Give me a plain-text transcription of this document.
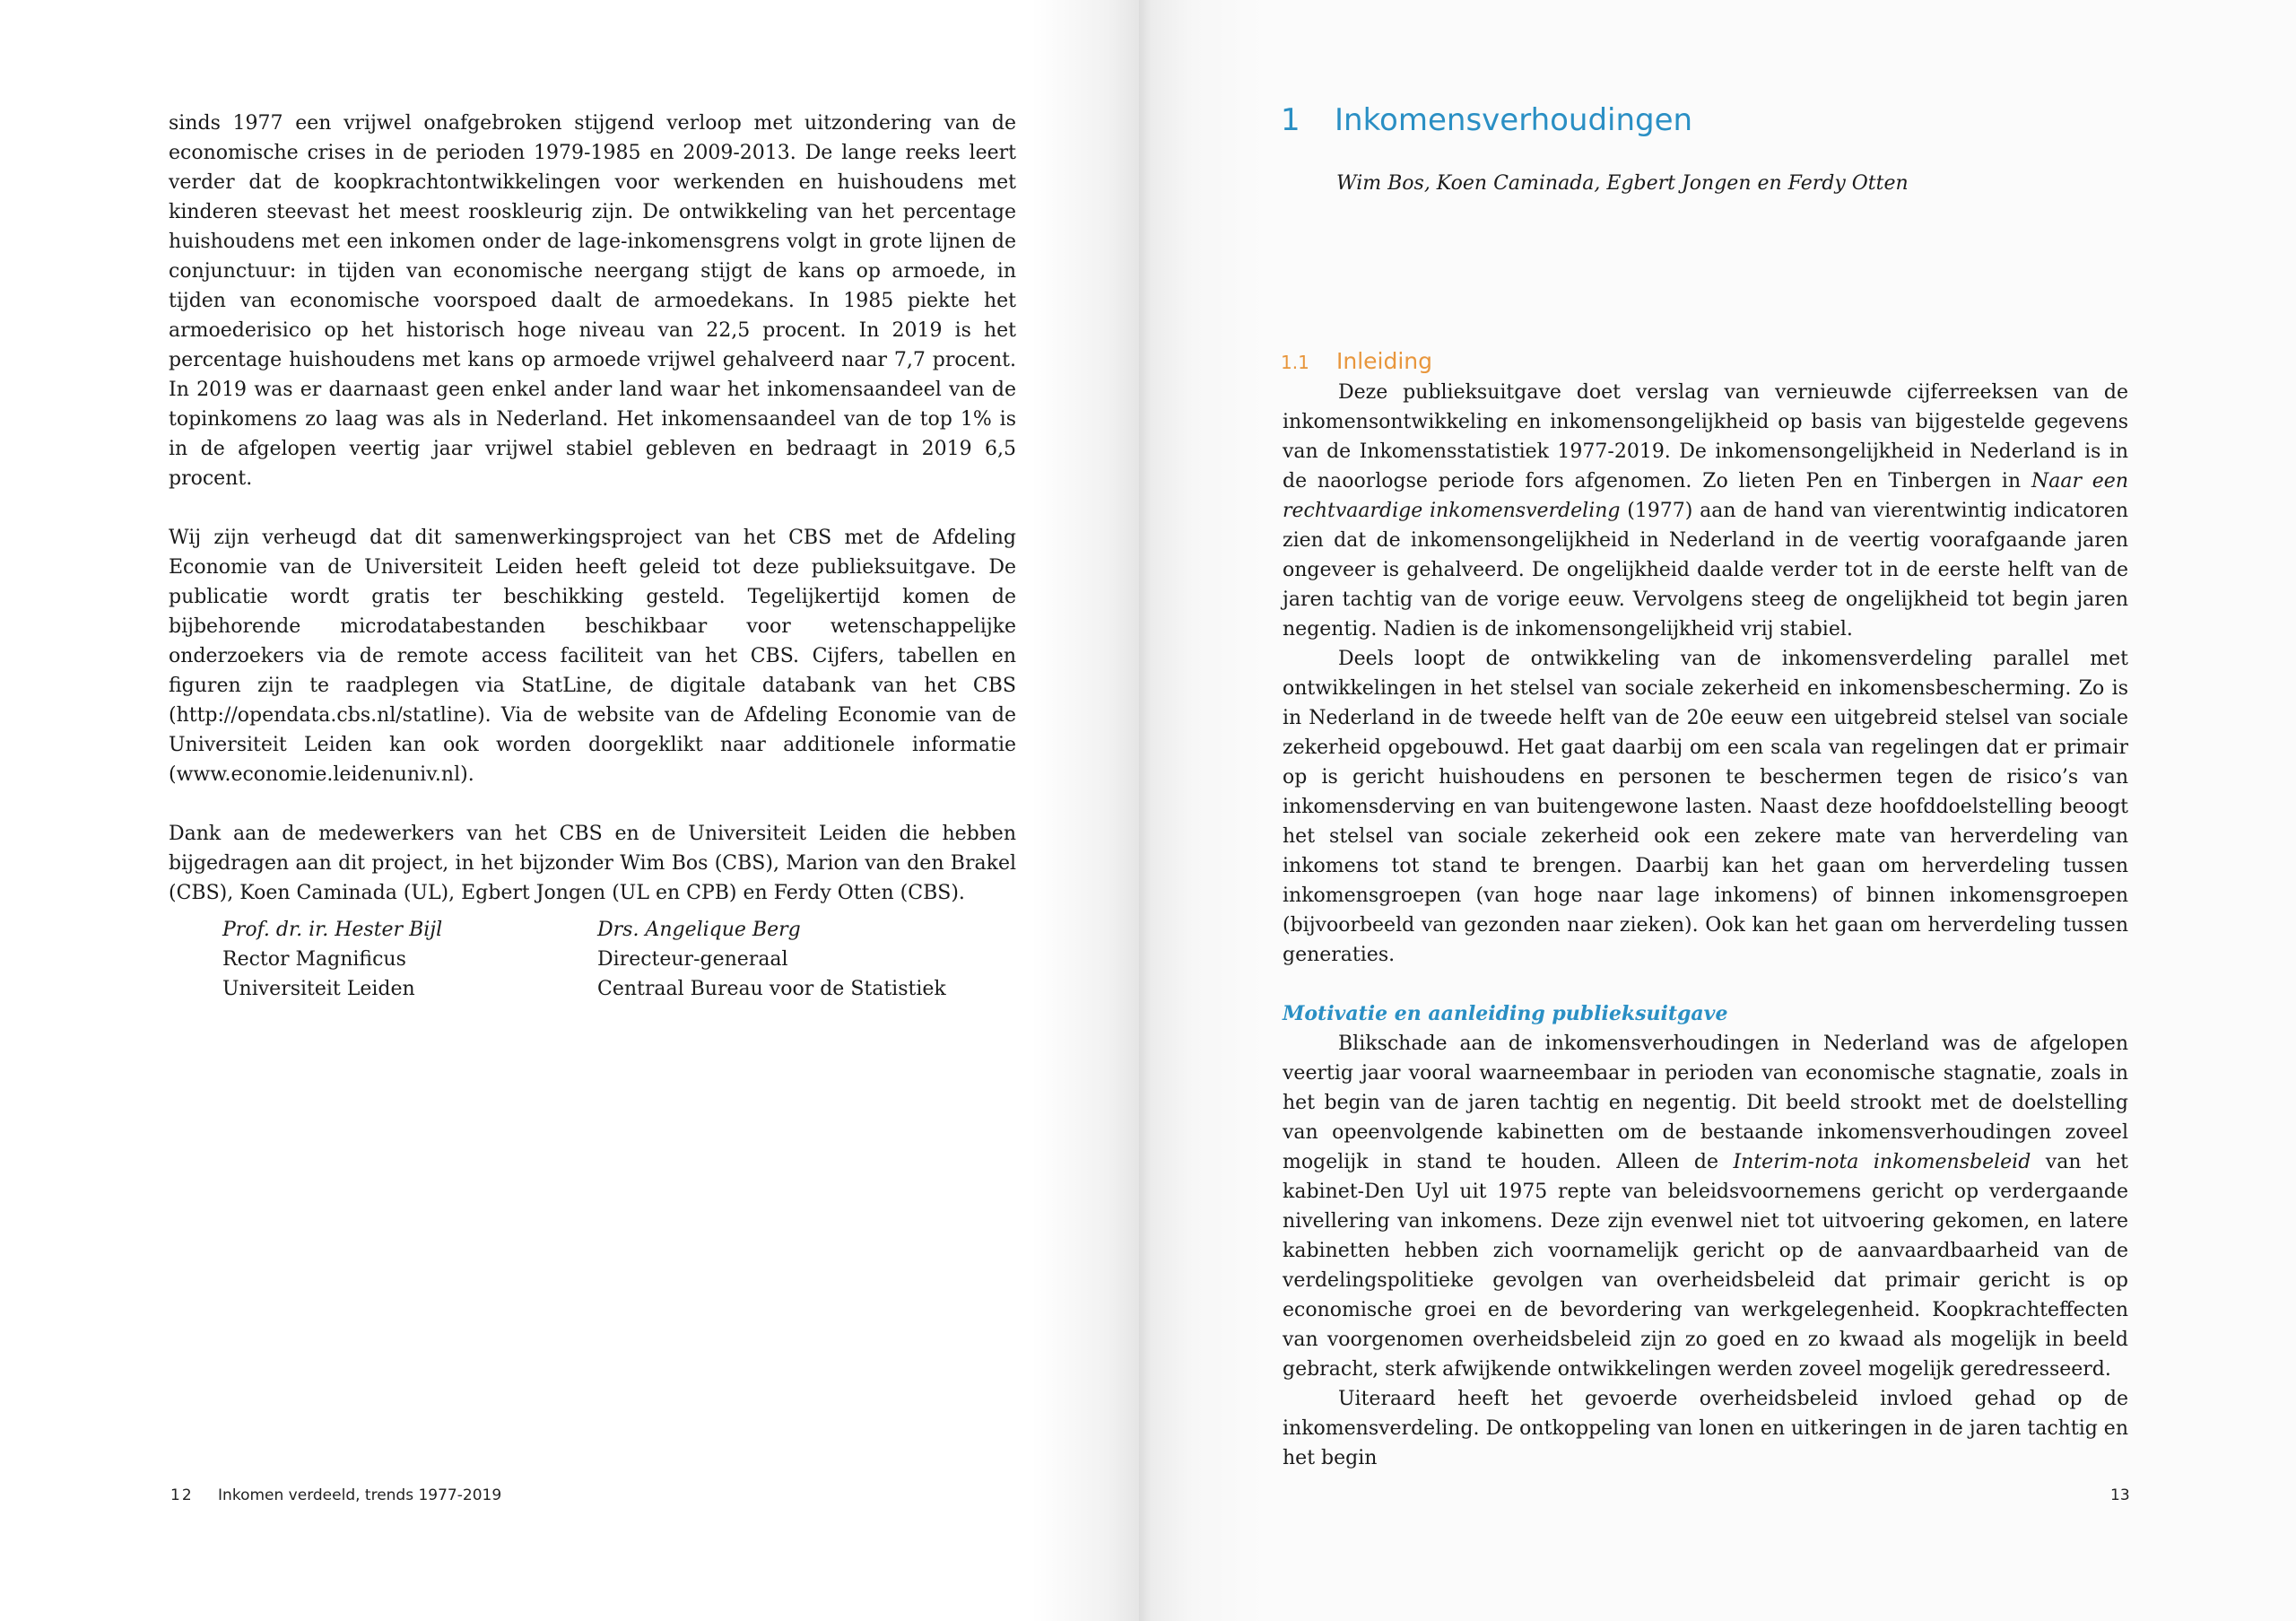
sinds 1977 een vrijwel onafgebroken stijgend verloop met uitzondering van de economische crises in de perioden 1979-1985 en 2009-2013. De lange reeks leert verder dat de koopkrachtontwikkelingen voor werkenden en huishoudens met kinderen steevast het meest rooskleurig zijn. De ontwikkeling van het percentage huishoudens met een inkomen onder de lage-inkomensgrens volgt in grote lijnen de conjunctuur: in tijden van economische neergang stijgt de kans op armoede, in tijden van economische voorspoed daalt de armoedekans. In 1985 piekte het armoederisico op het historisch hoge niveau van 22,5 procent. In 2019 is het percentage huishoudens met kans op armoede vrijwel gehalveerd naar 7,7 procent. In 2019 was er daarnaast geen enkel ander land waar het inkomensaandeel van de topinkomens zo laag was als in Nederland. Het inkomensaandeel van de top 1% is in de afgelopen veertig jaar vrijwel stabiel gebleven en bedraagt in 2019 6,5 procent.

Wij zijn verheugd dat dit samenwerkingsproject van het CBS met de Afdeling Economie van de Universiteit Leiden heeft geleid tot deze publieksuitgave. De publicatie wordt gratis ter beschikking gesteld. Tegelijkertijd komen de bijbehorende microdatabestanden beschikbaar voor wetenschappelijke onderzoekers via de remote access faciliteit van het CBS. Cijfers, tabellen en figuren zijn te raadplegen via StatLine, de digitale databank van het CBS (http://opendata.cbs.nl/statline). Via de website van de Afdeling Economie van de Universiteit Leiden kan ook worden doorgeklikt naar additionele informatie (www.economie.leidenuniv.nl).

Dank aan de medewerkers van het CBS en de Universiteit Leiden die hebben bijgedragen aan dit project, in het bijzonder Wim Bos (CBS), Marion van den Brakel (CBS), Koen Caminada (UL), Egbert Jongen (UL en CPB) en Ferdy Otten (CBS).

Prof. dr. ir. Hester Bijl
Rector Magnificus
Universiteit Leiden
Drs. Angelique Berg
Directeur-generaal
Centraal Bureau voor de Statistiek
12 Inkomen verdeeld, trends 1977-2019
1 Inkomensverhoudingen
Wim Bos, Koen Caminada, Egbert Jongen en Ferdy Otten
1.1 Inleiding

Deze publieksuitgave doet verslag van vernieuwde cijferreeksen van de inkomensontwikkeling en inkomensongelijkheid op basis van bijgestelde gegevens van de Inkomensstatistiek 1977-2019. De inkomensongelijkheid in Nederland is in de naoorlogse periode fors afgenomen. Zo lieten Pen en Tinbergen in Naar een rechtvaardige inkomensverdeling (1977) aan de hand van vierentwintig indicatoren zien dat de inkomensongelijkheid in Nederland in de veertig voorafgaande jaren ongeveer is gehalveerd. De ongelijkheid daalde verder tot in de eerste helft van de jaren tachtig van de vorige eeuw. Vervolgens steeg de ongelijkheid tot begin jaren negentig. Nadien is de inkomensongelijkheid vrij stabiel.

Deels loopt de ontwikkeling van de inkomensverdeling parallel met ontwikkelingen in het stelsel van sociale zekerheid en inkomensbescherming. Zo is in Nederland in de tweede helft van de 20e eeuw een uitgebreid stelsel van sociale zekerheid opgebouwd. Het gaat daarbij om een scala van regelingen dat er primair op is gericht huishoudens en personen te beschermen tegen de risico’s van inkomensderving en van buitengewone lasten. Naast deze hoofddoelstelling beoogt het stelsel van sociale zekerheid ook een zekere mate van herverdeling van inkomens tot stand te brengen. Daarbij kan het gaan om herverdeling tussen inkomensgroepen (van hoge naar lage inkomens) of binnen inkomensgroepen (bijvoorbeeld van gezonden naar zieken). Ook kan het gaan om herverdeling tussen generaties.

Motivatie en aanleiding publieksuitgave

Blikschade aan de inkomensverhoudingen in Nederland was de afgelopen veertig jaar vooral waarneembaar in perioden van economische stagnatie, zoals in het begin van de jaren tachtig en negentig. Dit beeld strookt met de doelstelling van opeenvolgende kabinetten om de bestaande inkomensverhoudingen zoveel mogelijk in stand te houden. Alleen de Interim-nota inkomensbeleid van het kabinet-Den Uyl uit 1975 repte van beleidsvoornemens gericht op verdergaande nivellering van inkomens. Deze zijn evenwel niet tot uitvoering gekomen, en latere kabinetten hebben zich voornamelijk gericht op de aanvaardbaarheid van de verdelingspolitieke gevolgen van overheidsbeleid dat primair gericht is op economische groei en de bevordering van werkgelegenheid. Koopkrachteffecten van voorgenomen overheidsbeleid zijn zo goed en zo kwaad als mogelijk in beeld gebracht, sterk afwijkende ontwikkelingen werden zoveel mogelijk geredresseerd.

Uiteraard heeft het gevoerde overheidsbeleid invloed gehad op de inkomensverdeling. De ontkoppeling van lonen en uitkeringen in de jaren tachtig en het begin

13
